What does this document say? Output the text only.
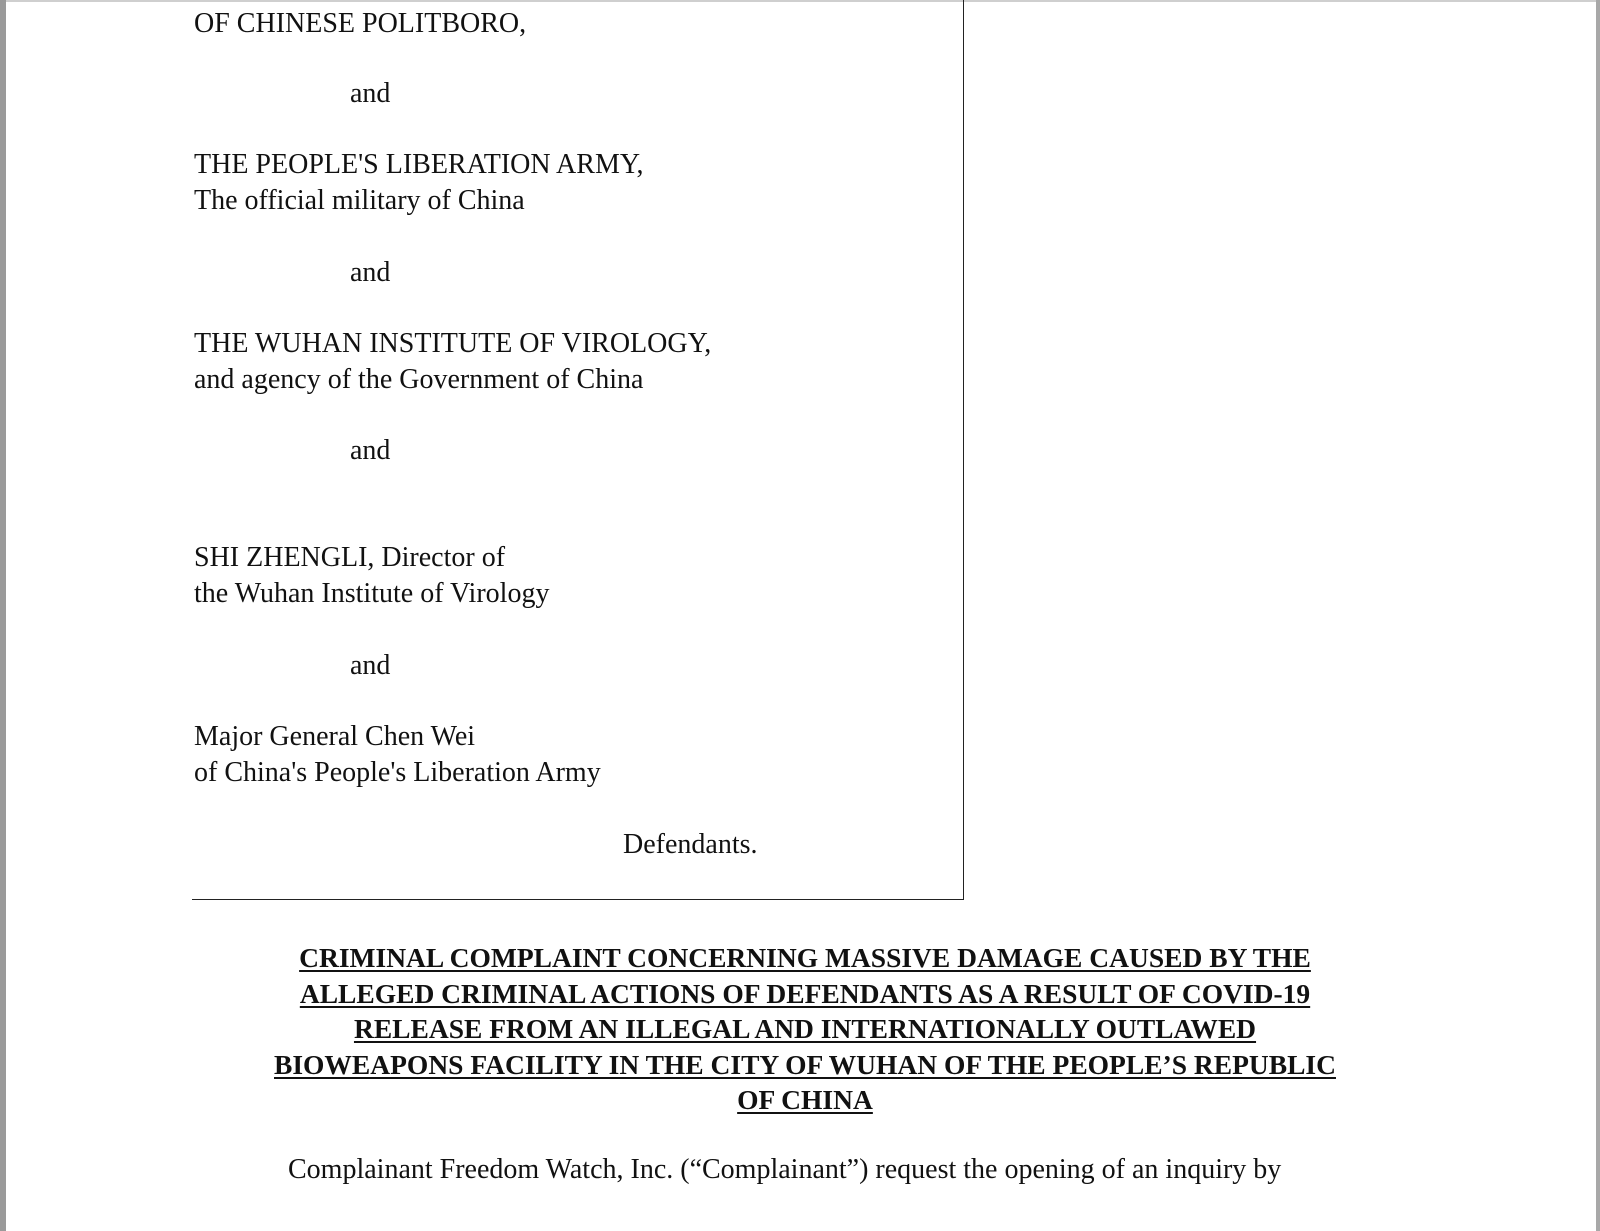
OF CHINESE POLITBORO,

and

THE PEOPLE'S LIBERATION ARMY,

The official military of China

and

THE WUHAN INSTITUTE OF VIROLOGY,

and agency of the Government of China

and

SHI ZHENGLI, Director of

the Wuhan Institute of Virology

and

Major General Chen Wei

of China's People's Liberation Army

Defendants.

CRIMINAL COMPLAINT CONCERNING MASSIVE DAMAGE CAUSED BY THE
ALLEGED CRIMINAL ACTIONS OF DEFENDANTS AS A RESULT OF COVID-19
RELEASE FROM AN ILLEGAL AND INTERNATIONALLY OUTLAWED
BIOWEAPONS FACILITY IN THE CITY OF WUHAN OF THE PEOPLE’S REPUBLIC
OF CHINA

Complainant Freedom Watch, Inc. (“Complainant”) request the opening of an inquiry by
